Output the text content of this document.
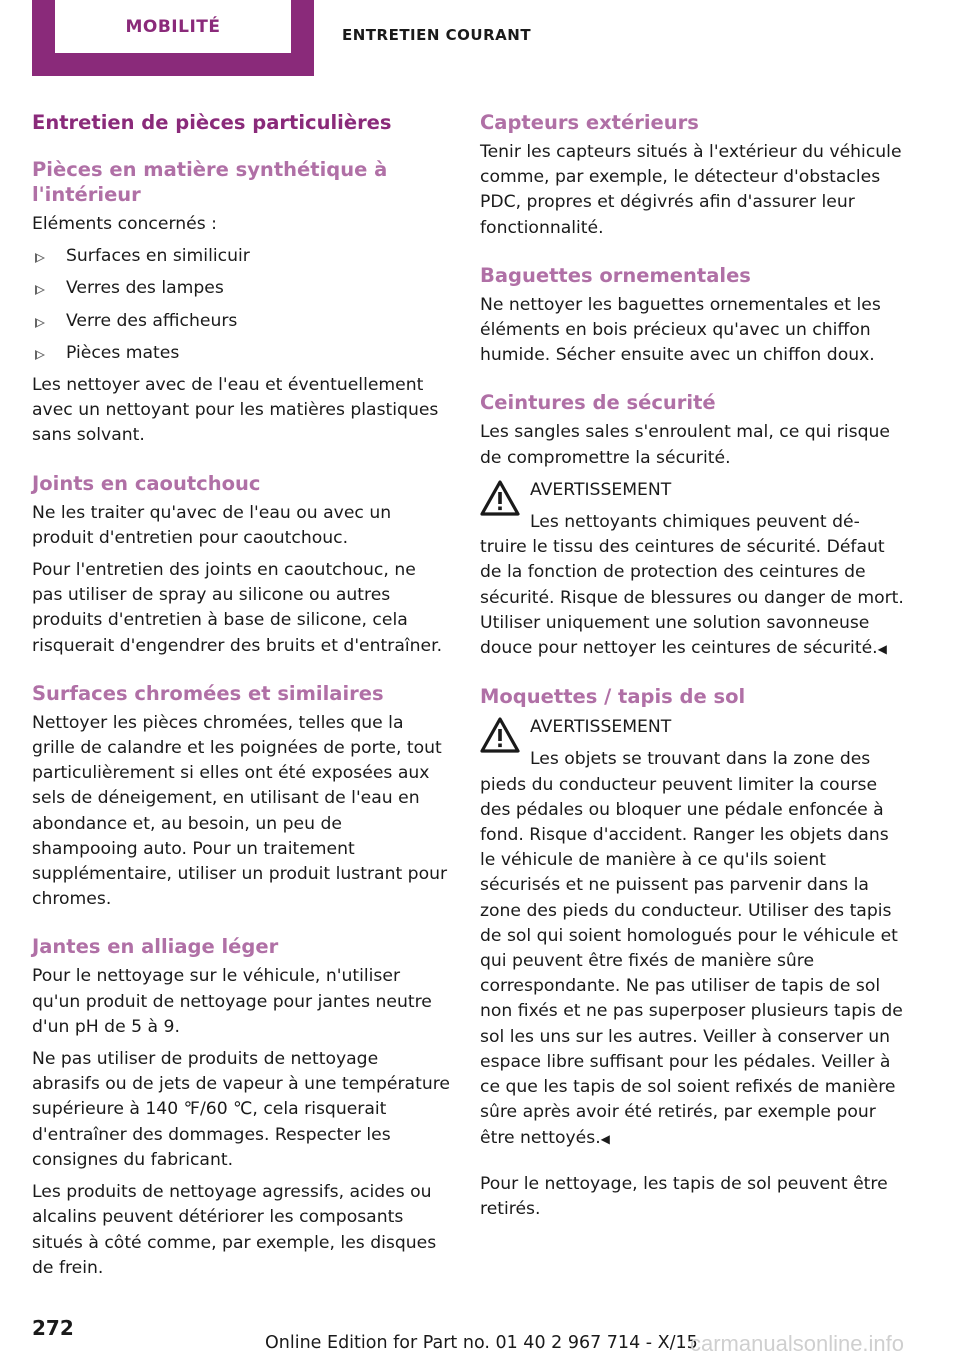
MOBILITÉ	ENTRETIEN COURANT
Entretien de pièces particulières
Pièces en matière synthétique à l'intérieur

Eléments concernés :

Surfaces en similicuir
Verres des lampes
Verre des afficheurs
Pièces mates

Les nettoyer avec de l'eau et éventuellement avec un nettoyant pour les matières plastiques sans solvant.

Joints en caoutchouc

Ne les traiter qu'avec de l'eau ou avec un produit d'entretien pour caoutchouc.

Pour l'entretien des joints en caoutchouc, ne pas utiliser de spray au silicone ou autres produits d'entretien à base de silicone, cela risquerait d'engendrer des bruits et d'entraîner.

Surfaces chromées et similaires

Nettoyer les pièces chromées, telles que la grille de calandre et les poignées de porte, tout particulièrement si elles ont été exposées aux sels de déneigement, en utilisant de l'eau en abondance et, au besoin, un peu de shampooing auto. Pour un traitement supplémentaire, utiliser un produit lustrant pour chromes.

Jantes en alliage léger

Pour le nettoyage sur le véhicule, n'utiliser qu'un produit de nettoyage pour jantes neutre d'un pH de 5 à 9.

Ne pas utiliser de produits de nettoyage abrasifs ou de jets de vapeur à une température supérieure à 140 ℉/60 ℃, cela risquerait d'entraîner des dommages. Respecter les consignes du fabricant.

Les produits de nettoyage agressifs, acides ou alcalins peuvent détériorer les composants situés à côté comme, par exemple, les disques de frein.

Capteurs extérieurs

Tenir les capteurs situés à l'extérieur du véhicule comme, par exemple, le détecteur d'obstacles PDC, propres et dégivrés afin d'assurer leur fonctionnalité.

Baguettes ornementales

Ne nettoyer les baguettes ornementales et les éléments en bois précieux qu'avec un chiffon humide. Sécher ensuite avec un chiffon doux.

Ceintures de sécurité

Les sangles sales s'enroulent mal, ce qui risque de compromettre la sécurité.

AVERTISSEMENT

Les nettoyants chimiques peuvent dé- truire le tissu des ceintures de sécurité. Défaut de la fonction de protection des ceintures de sécurité. Risque de blessures ou danger de mort. Utiliser uniquement une solution savonneuse douce pour nettoyer les ceintures de sécurité.◀

Moquettes / tapis de sol
AVERTISSEMENT

Les objets se trouvant dans la zone des pieds du conducteur peuvent limiter la course des pédales ou bloquer une pédale enfoncée à fond. Risque d'accident. Ranger les objets dans le véhicule de manière à ce qu'ils soient sécurisés et ne puissent pas parvenir dans la zone des pieds du conducteur. Utiliser des tapis de sol qui soient homologués pour le véhicule et qui peuvent être fixés de manière sûre correspondante. Ne pas utiliser de tapis de sol non fixés et ne pas superposer plusieurs tapis de sol les uns sur les autres. Veiller à conserver un espace libre suffisant pour les pédales. Veiller à ce que les tapis de sol soient refixés de manière sûre après avoir été retirés, par exemple pour être nettoyés.◀

Pour le nettoyage, les tapis de sol peuvent être retirés.

272
Online Edition for Part no. 01 40 2 967 714 - X/15
carmanualsonline.info
